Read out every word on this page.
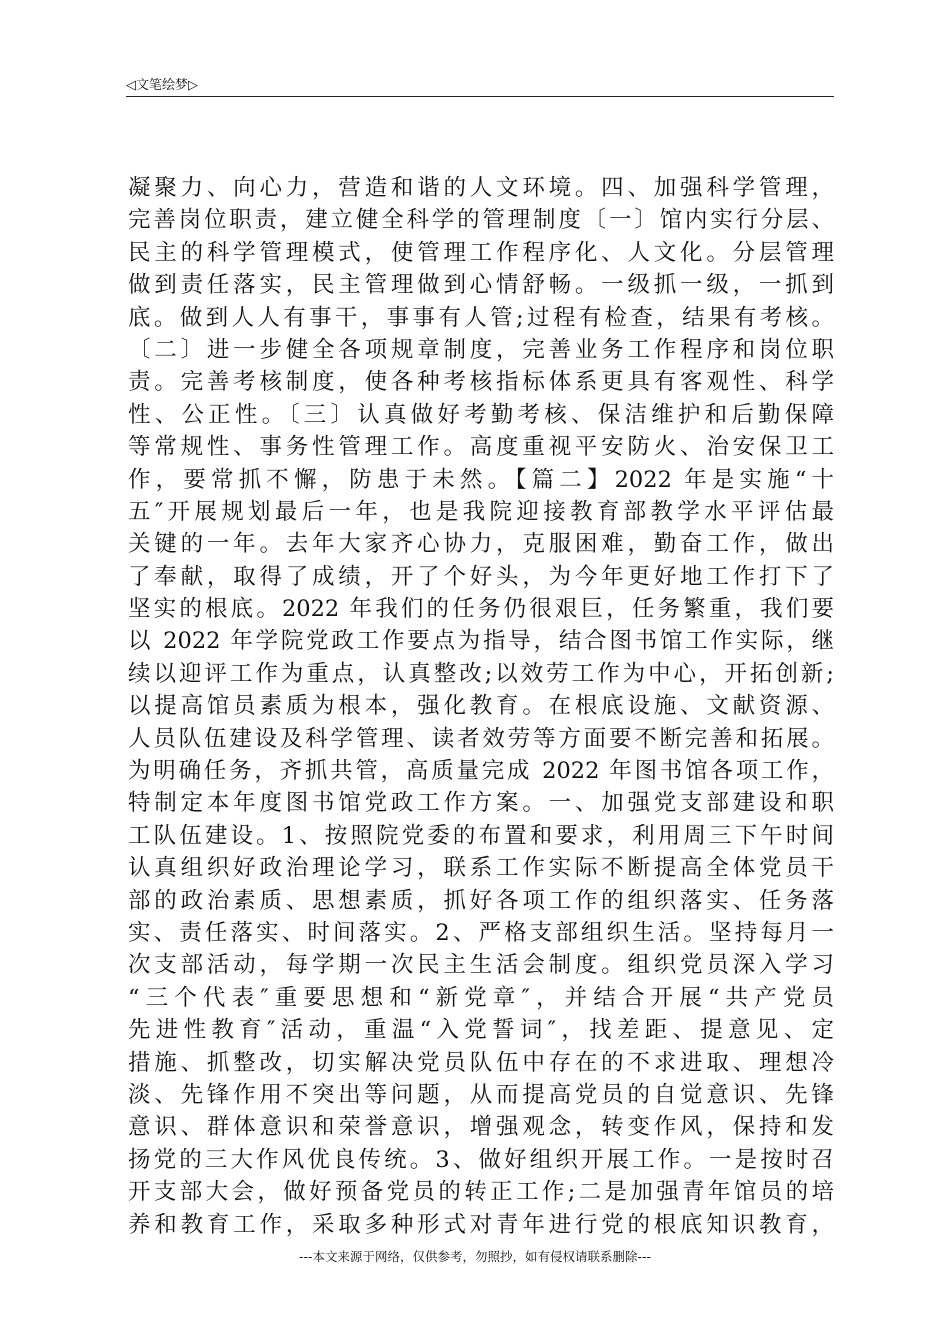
◁文笔绘梦▷
凝聚力、向心力，营造和谐的人文环境。四、加强科学管理，
完善岗位职责，建立健全科学的管理制度〔一〕馆内实行分层、
民主的科学管理模式，使管理工作程序化、人文化。分层管理
做到责任落实，民主管理做到心情舒畅。一级抓一级，一抓到
底。做到人人有事干，事事有人管;过程有检查，结果有考核。
〔二〕进一步健全各项规章制度，完善业务工作程序和岗位职
责。完善考核制度，使各种考核指标体系更具有客观性、科学
性、公正性。〔三〕认真做好考勤考核、保洁维护和后勤保障
等常规性、事务性管理工作。高度重视平安防火、治安保卫工
作，要常抓不懈，防患于未然。【篇二】2022 年是实施“十
五″开展规划最后一年，也是我院迎接教育部教学水平评估最
关键的一年。去年大家齐心协力，克服困难，勤奋工作，做出
了奉献，取得了成绩，开了个好头，为今年更好地工作打下了
坚实的根底。2022 年我们的任务仍很艰巨，任务繁重，我们要
以 2022 年学院党政工作要点为指导，结合图书馆工作实际，继
续以迎评工作为重点，认真整改;以效劳工作为中心，开拓创新;
以提高馆员素质为根本，强化教育。在根底设施、文献资源、
人员队伍建设及科学管理、读者效劳等方面要不断完善和拓展。
为明确任务，齐抓共管，高质量完成 2022 年图书馆各项工作，
特制定本年度图书馆党政工作方案。一、加强党支部建设和职
工队伍建设。1、按照院党委的布置和要求，利用周三下午时间
认真组织好政治理论学习，联系工作实际不断提高全体党员干
部的政治素质、思想素质，抓好各项工作的组织落实、任务落
实、责任落实、时间落实。2、严格支部组织生活。坚持每月一
次支部活动，每学期一次民主生活会制度。组织党员深入学习
“三个代表″重要思想和“新党章″，并结合开展“共产党员
先进性教育″活动，重温“入党誓词″，找差距、提意见、定
措施、抓整改，切实解决党员队伍中存在的不求进取、理想冷
淡、先锋作用不突出等问题，从而提高党员的自觉意识、先锋
意识、群体意识和荣誉意识，增强观念，转变作风，保持和发
扬党的三大作风优良传统。3、做好组织开展工作。一是按时召
开支部大会，做好预备党员的转正工作;二是加强青年馆员的培
养和教育工作，采取多种形式对青年进行党的根底知识教育，
---本文来源于网络，仅供参考，勿照抄，如有侵权请联系删除---
